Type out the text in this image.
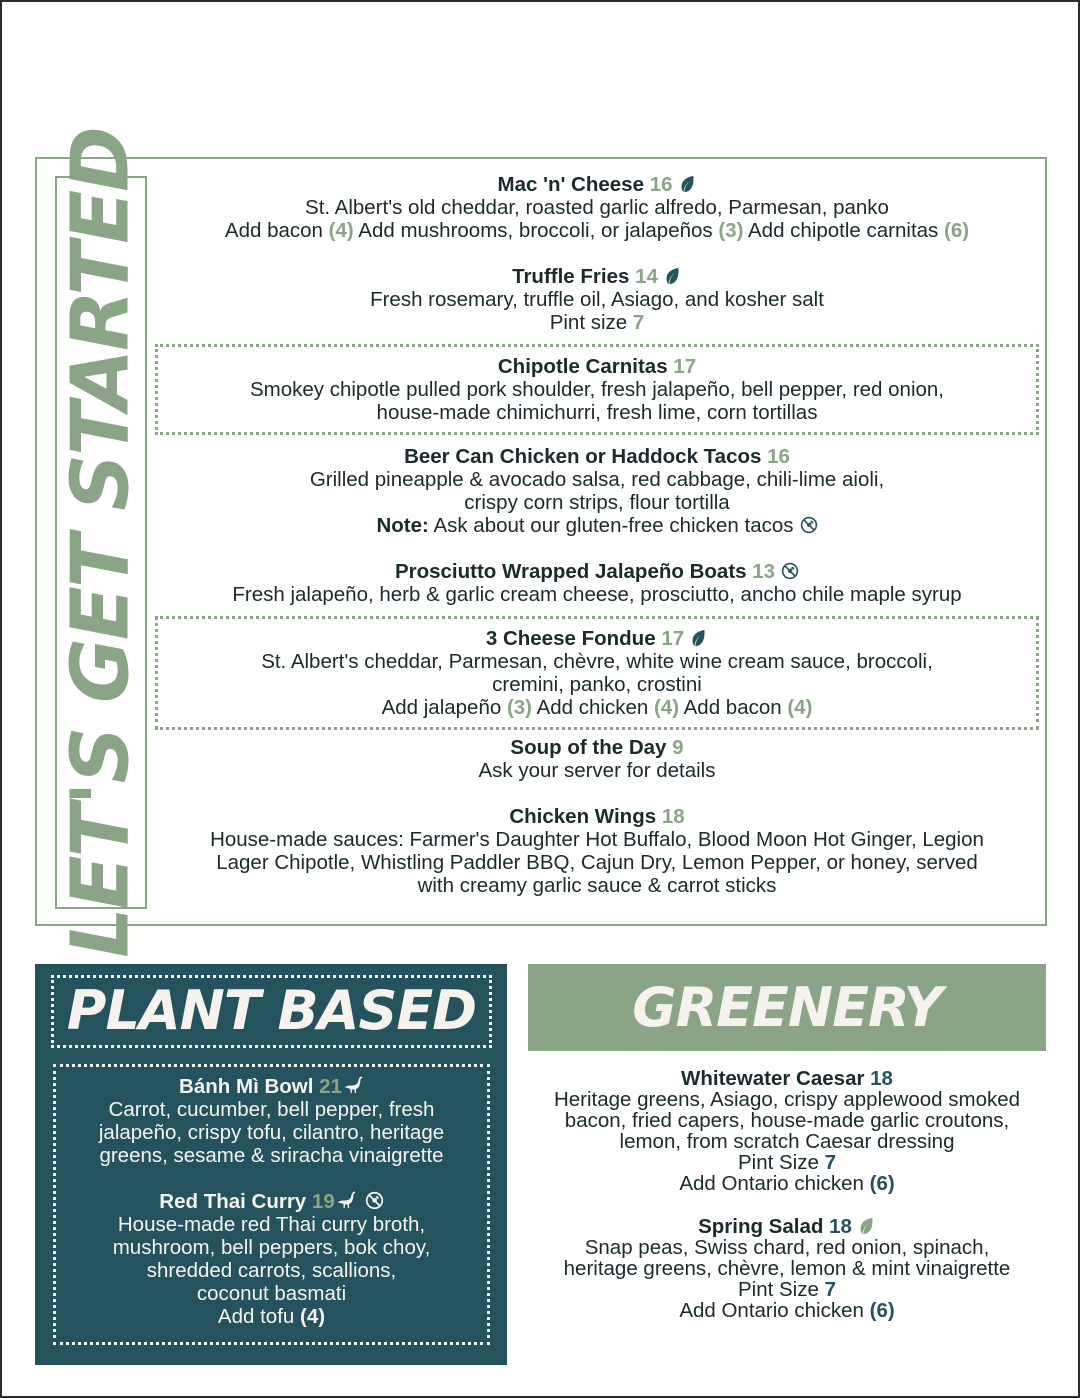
LET'S GET STARTED	Mac 'n' Cheese 16
St. Albert's old cheddar, roasted garlic alfredo, Parmesan, panko
Add bacon (4) Add mushrooms, broccoli, or jalapeños (3) Add chipotle carnitas (6)
Truffle Fries 14
Fresh rosemary, truffle oil, Asiago, and kosher salt
Pint size 7
Chipotle Carnitas 17
Smokey chipotle pulled pork shoulder, fresh jalapeño, bell pepper, red onion,
house-made chimichurri, fresh lime, corn tortillas
Beer Can Chicken or Haddock Tacos 16
Grilled pineapple & avocado salsa, red cabbage, chili-lime aioli,
crispy corn strips, flour tortilla
Note: Ask about our gluten-free chicken tacos
Prosciutto Wrapped Jalapeño Boats 13
Fresh jalapeño, herb & garlic cream cheese, prosciutto, ancho chile maple syrup
3 Cheese Fondue 17
St. Albert's cheddar, Parmesan, chèvre, white wine cream sauce, broccoli,
cremini, panko, crostini
Add jalapeño (3) Add chicken (4) Add bacon (4)
Soup of the Day 9
Ask your server for details
Chicken Wings 18
House-made sauces: Farmer's Daughter Hot Buffalo, Blood Moon Hot Ginger, Legion
Lager Chipotle, Whistling Paddler BBQ, Cajun Dry, Lemon Pepper, or honey, served
with creamy garlic sauce & carrot sticks
PLANT BASED
Bánh Mì Bowl 21
Carrot, cucumber, bell pepper, fresh
jalapeño, crispy tofu, cilantro, heritage
greens, sesame & sriracha vinaigrette
Red Thai Curry 19
House-made red Thai curry broth,
mushroom, bell peppers, bok choy,
shredded carrots, scallions,
coconut basmati
Add tofu (4)
GREENERY
Whitewater Caesar 18
Heritage greens, Asiago, crispy applewood smoked
bacon, fried capers, house-made garlic croutons,
lemon, from scratch Caesar dressing
Pint Size 7
Add Ontario chicken (6)
Spring Salad 18
Snap peas, Swiss chard, red onion, spinach,
heritage greens, chèvre, lemon & mint vinaigrette
Pint Size 7
Add Ontario chicken (6)
